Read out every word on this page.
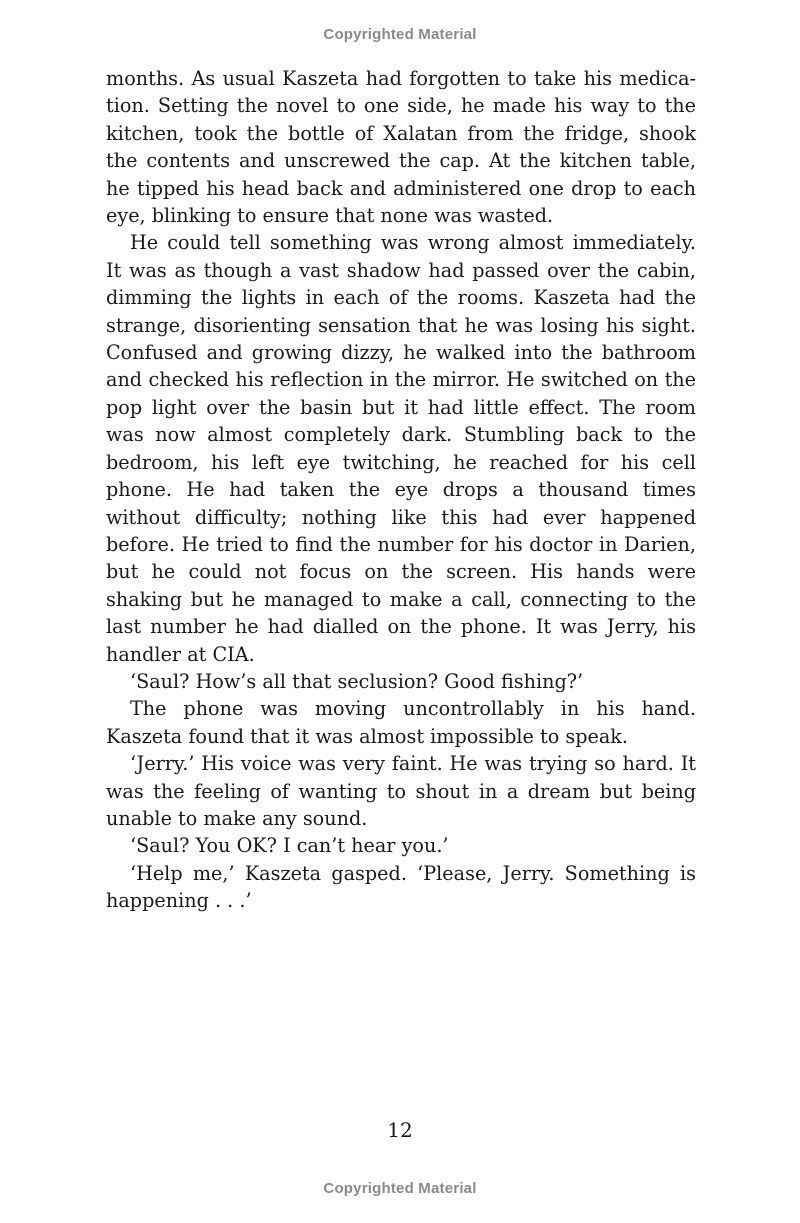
Copyrighted Material

months. As usual Kaszeta had forgotten to take his medication. Setting the novel to one side, he made his way to the kitchen, took the bottle of Xalatan from the fridge, shook the contents and unscrewed the cap. At the kitchen table, he tipped his head back and administered one drop to each eye, blinking to ensure that none was wasted.

He could tell something was wrong almost immediately. It was as though a vast shadow had passed over the cabin, dimming the lights in each of the rooms. Kaszeta had the strange, disorienting sensation that he was losing his sight. Confused and growing dizzy, he walked into the bathroom and checked his reflection in the mirror. He switched on the pop light over the basin but it had little effect. The room was now almost completely dark. Stumbling back to the bedroom, his left eye twitching, he reached for his cell phone. He had taken the eye drops a thousand times without difficulty; nothing like this had ever happened before. He tried to find the number for his doctor in Darien, but he could not focus on the screen. His hands were shaking but he managed to make a call, connecting to the last number he had dialled on the phone. It was Jerry, his handler at CIA.

‘Saul? How’s all that seclusion? Good fishing?’

The phone was moving uncontrollably in his hand. Kaszeta found that it was almost impossible to speak.

‘Jerry.’ His voice was very faint. He was trying so hard. It was the feeling of wanting to shout in a dream but being unable to make any sound.

‘Saul? You OK? I can’t hear you.’

‘Help me,’ Kaszeta gasped. ‘Please, Jerry. Something is happening . . .’

12
Copyrighted Material
